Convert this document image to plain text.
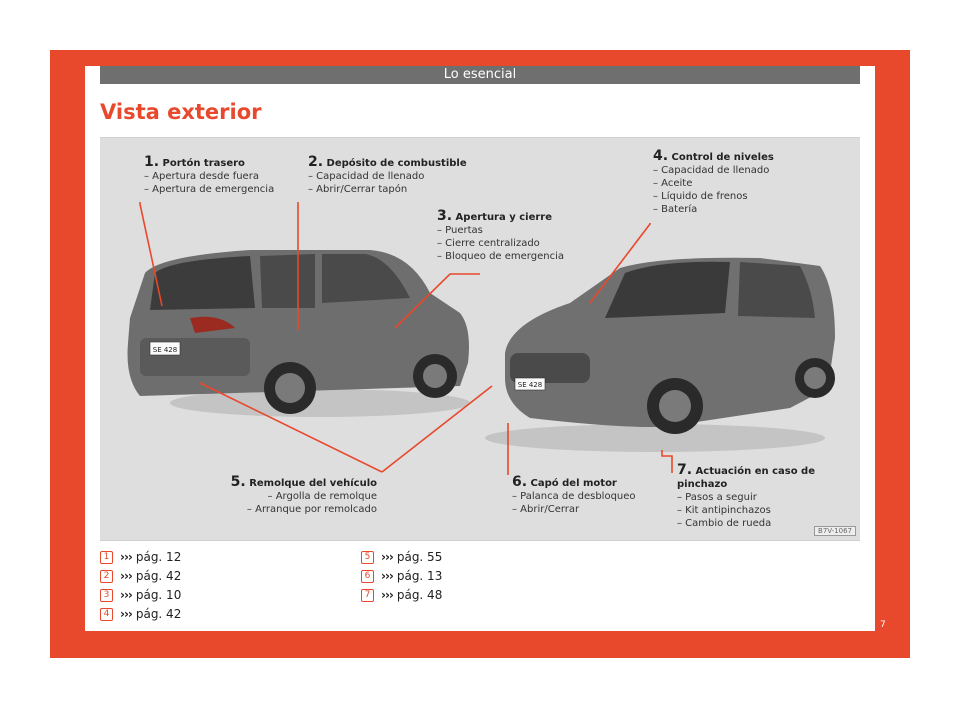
Lo esencial
Vista exterior
SE 428
SE 428
1. Portón trasero
– Apertura desde fuera
– Apertura de emergencia
2. Depósito de combustible
– Capacidad de llenado
– Abrir/Cerrar tapón
3. Apertura y cierre
– Puertas
– Cierre centralizado
– Bloqueo de emergencia
4. Control de niveles
– Capacidad de llenado
– Aceite
– Líquido de frenos
– Batería
5. Remolque del vehículo
– Argolla de remolque
– Arranque por remolcado
6. Capó del motor
– Palanca de desbloqueo
– Abrir/Cerrar
7. Actuación en caso de pinchazo
– Pasos a seguir
– Kit antipinchazos
– Cambio de rueda
B7V-1067
1 ››› pág. 12
2 ››› pág. 42
3 ››› pág. 10
4 ››› pág. 42
5 ››› pág. 55
6 ››› pág. 13
7 ››› pág. 48
7
